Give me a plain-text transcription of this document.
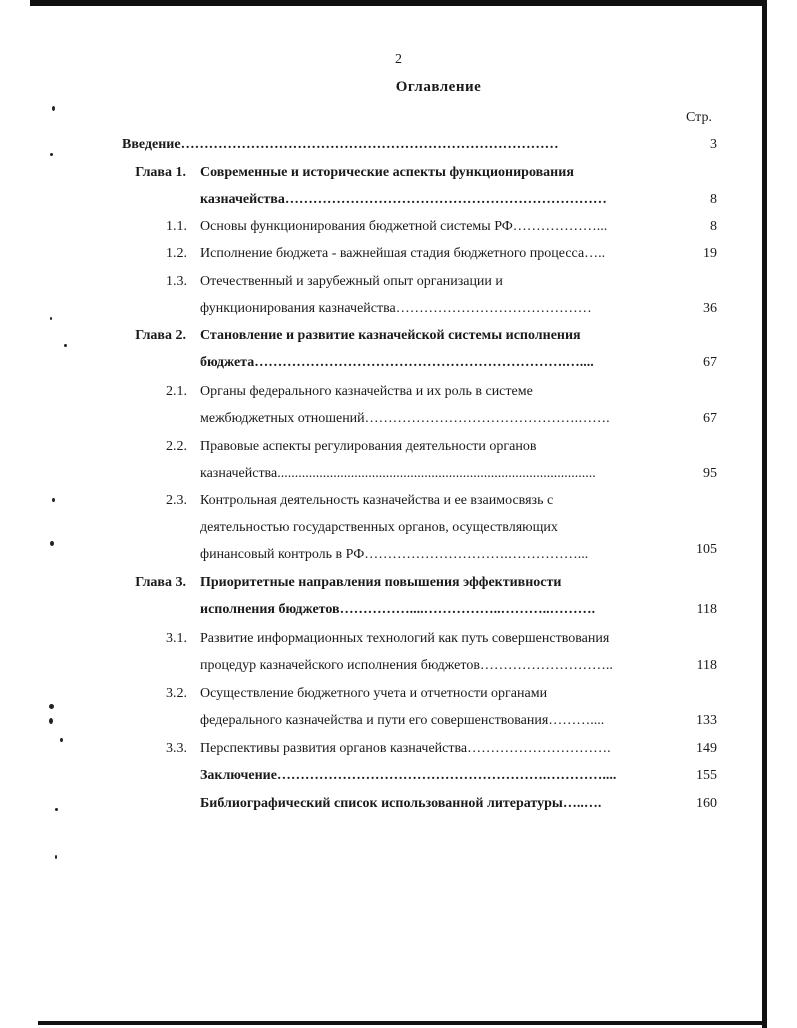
2
Оглавление
Стр.
Введение………………………………………………………………………	3
Глава 1. Современные и исторические аспекты функционирования
казначейства……………………………………………………………	8
1.1. Основы функционирования бюджетной системы РФ………………...	8
1.2. Исполнение бюджета - важнейшая стадия бюджетного процесса…..	19
1.3. Отечественный и зарубежный опыт организации и
функционирования казначейства……………………………………	36
Глава 2. Становление и развитие казначейской системы исполнения
бюджета………………………………………………………….…....	67
2.1. Органы федерального казначейства и их роль в системе
межбюджетных отношений……………………………………….…….	67
2.2. Правовые аспекты регулирования деятельности органов
казначейства...........................................................................................	95
2.3. Контрольная деятельность казначейства и ее взаимосвязь с
деятельностью государственных органов, осуществляющих
финансовый контроль в РФ………………………….……………...	105
Глава 3. Приоритетные направления повышения эффективности
исполнения бюджетов……………....……………..………..……….	118
3.1. Развитие информационных технологий как путь совершенствования
процедур казначейского исполнения бюджетов………………………..	118
3.2. Осуществление бюджетного учета и отчетности органами
федерального казначейства и пути его совершенствования………....	133
3.3. Перспективы развития органов казначейства………………………….	149
Заключение………………………………………………….…………....	155
Библиографический список использованной литературы…..….	160
